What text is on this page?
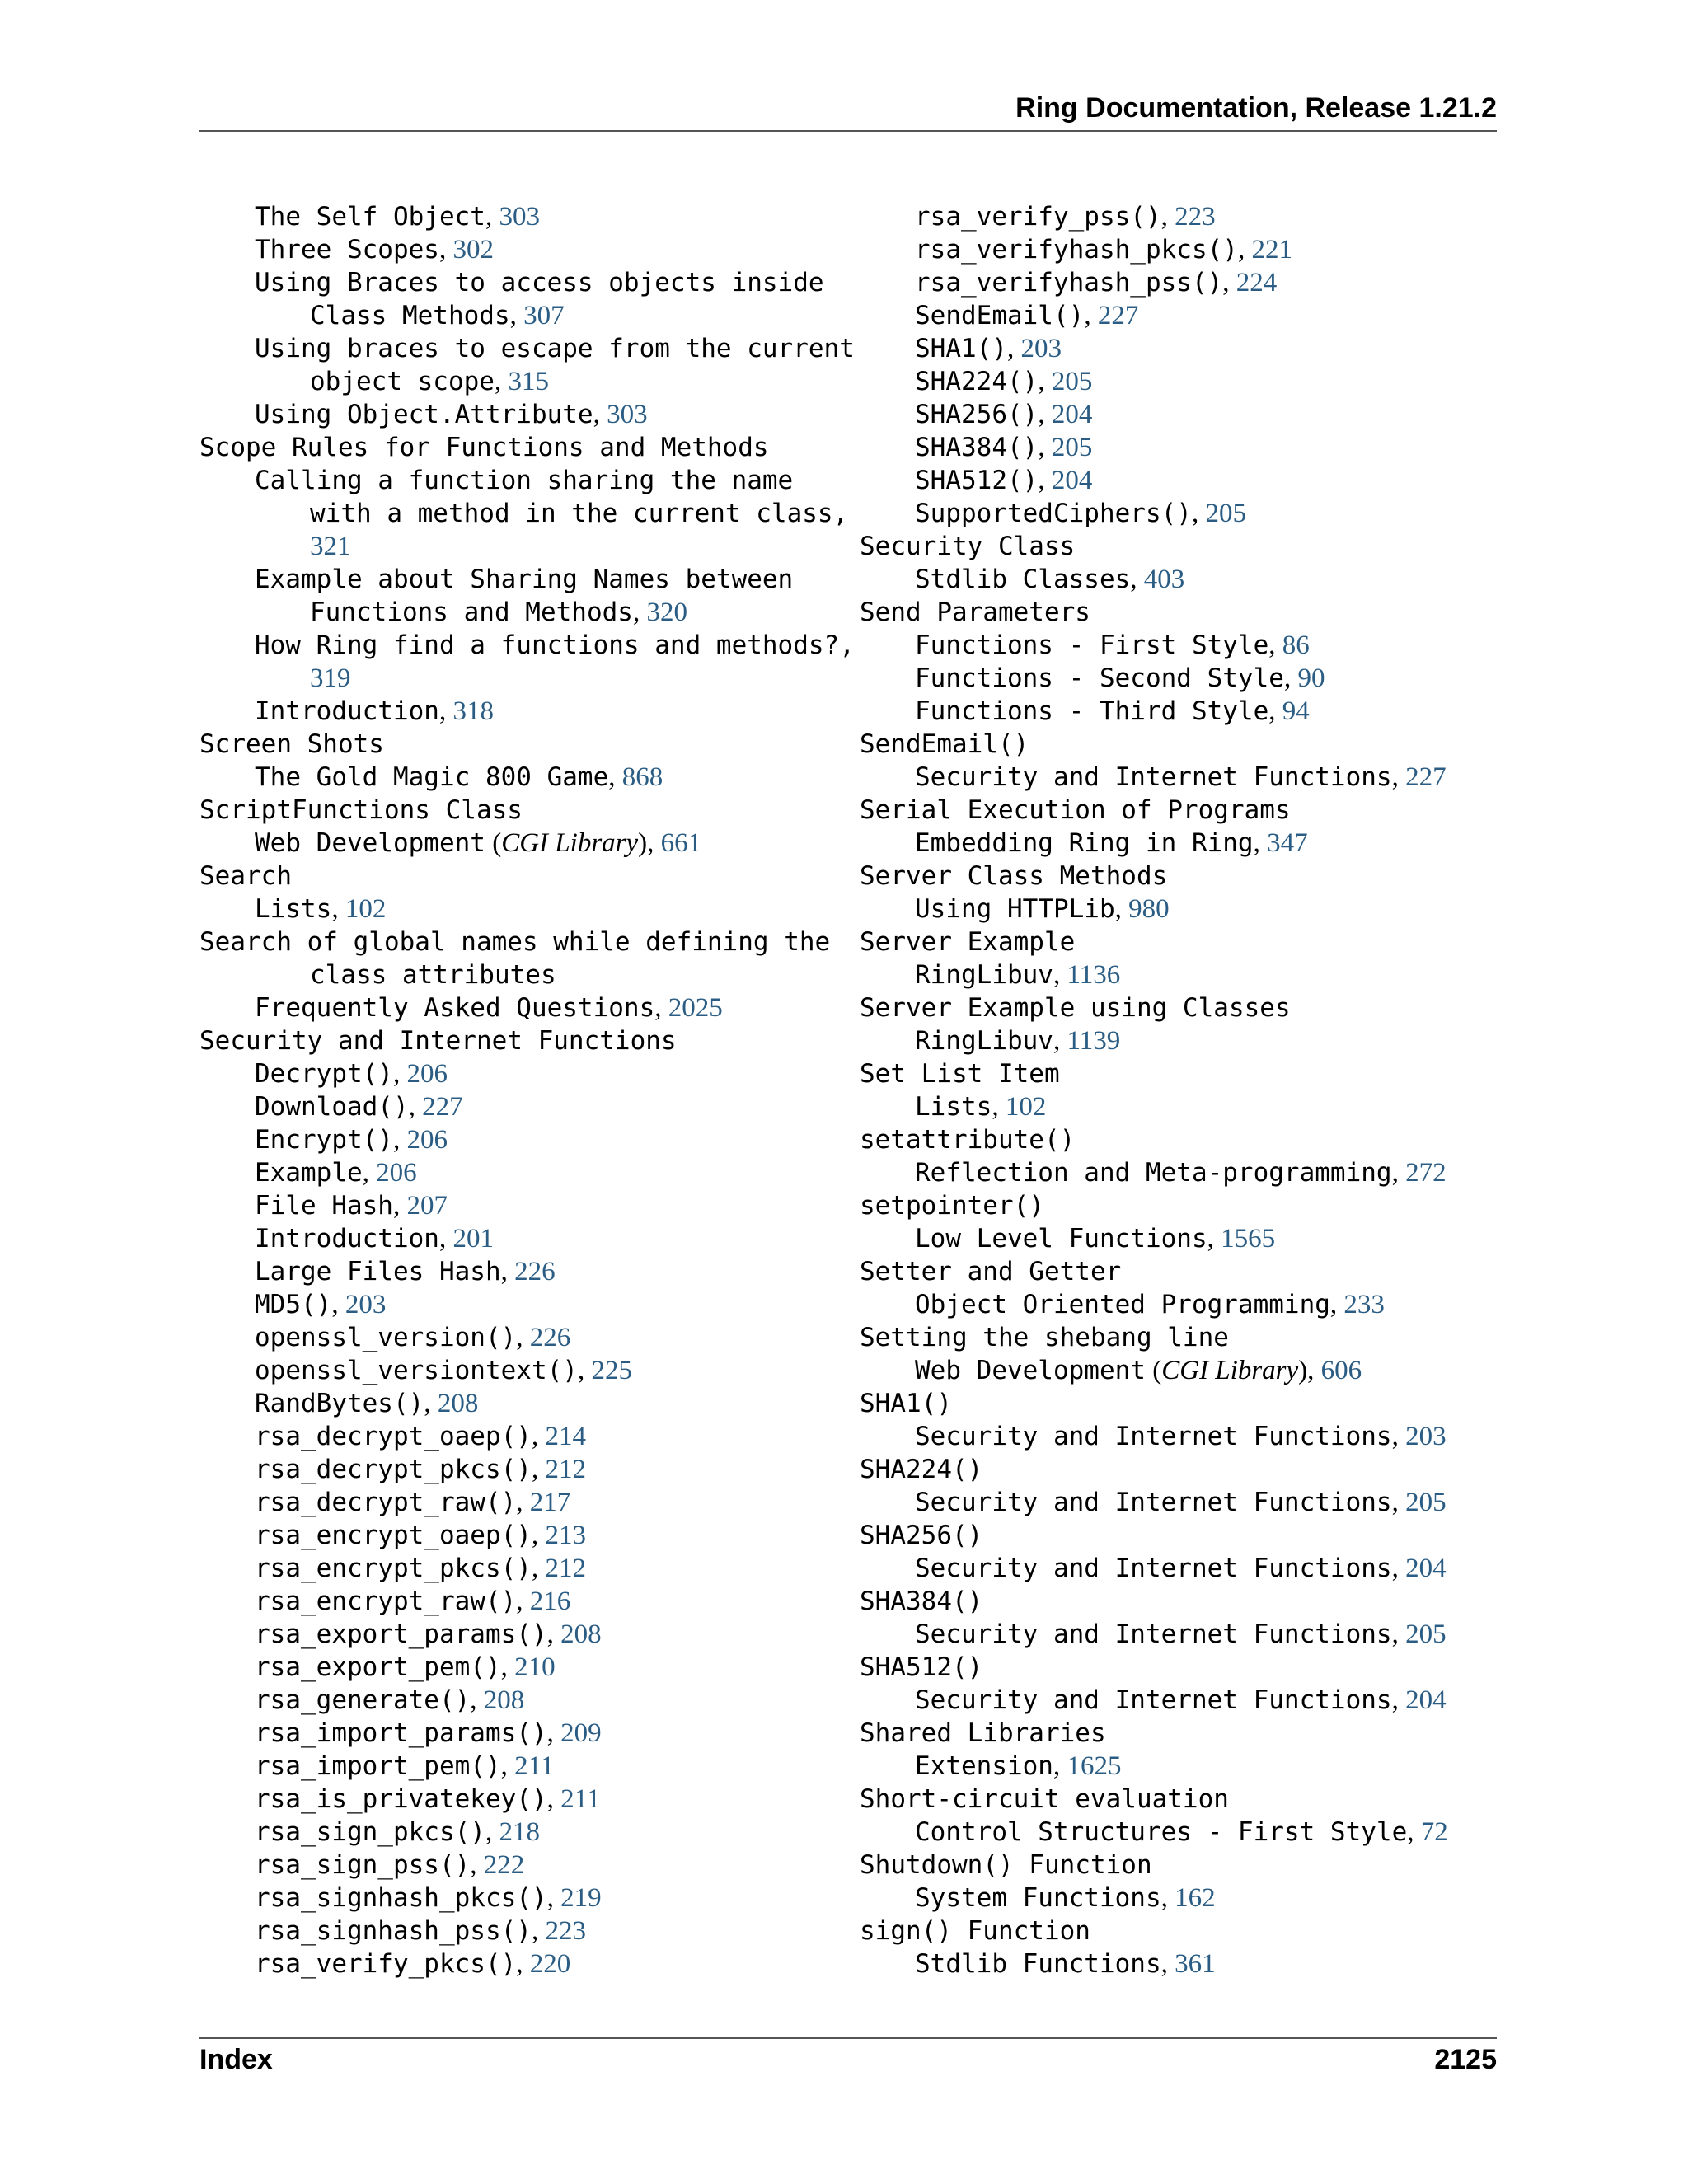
Ring Documentation, Release 1.21.2
The Self Object, 303
Three Scopes, 302
Using Braces to access objects inside
Class Methods, 307
Using braces to escape from the current
object scope, 315
Using Object.Attribute, 303
Scope Rules for Functions and Methods
Calling a function sharing the name
with a method in the current class,
321
Example about Sharing Names between
Functions and Methods, 320
How Ring find a functions and methods?,
319
Introduction, 318
Screen Shots
The Gold Magic 800 Game, 868
ScriptFunctions Class
Web Development (CGI Library), 661
Search
Lists, 102
Search of global names while defining the
class attributes
Frequently Asked Questions, 2025
Security and Internet Functions
Decrypt(), 206
Download(), 227
Encrypt(), 206
Example, 206
File Hash, 207
Introduction, 201
Large Files Hash, 226
MD5(), 203
openssl_version(), 226
openssl_versiontext(), 225
RandBytes(), 208
rsa_decrypt_oaep(), 214
rsa_decrypt_pkcs(), 212
rsa_decrypt_raw(), 217
rsa_encrypt_oaep(), 213
rsa_encrypt_pkcs(), 212
rsa_encrypt_raw(), 216
rsa_export_params(), 208
rsa_export_pem(), 210
rsa_generate(), 208
rsa_import_params(), 209
rsa_import_pem(), 211
rsa_is_privatekey(), 211
rsa_sign_pkcs(), 218
rsa_sign_pss(), 222
rsa_signhash_pkcs(), 219
rsa_signhash_pss(), 223
rsa_verify_pkcs(), 220
rsa_verify_pss(), 223
rsa_verifyhash_pkcs(), 221
rsa_verifyhash_pss(), 224
SendEmail(), 227
SHA1(), 203
SHA224(), 205
SHA256(), 204
SHA384(), 205
SHA512(), 204
SupportedCiphers(), 205
Security Class
Stdlib Classes, 403
Send Parameters
Functions - First Style, 86
Functions - Second Style, 90
Functions - Third Style, 94
SendEmail()
Security and Internet Functions, 227
Serial Execution of Programs
Embedding Ring in Ring, 347
Server Class Methods
Using HTTPLib, 980
Server Example
RingLibuv, 1136
Server Example using Classes
RingLibuv, 1139
Set List Item
Lists, 102
setattribute()
Reflection and Meta-programming, 272
setpointer()
Low Level Functions, 1565
Setter and Getter
Object Oriented Programming, 233
Setting the shebang line
Web Development (CGI Library), 606
SHA1()
Security and Internet Functions, 203
SHA224()
Security and Internet Functions, 205
SHA256()
Security and Internet Functions, 204
SHA384()
Security and Internet Functions, 205
SHA512()
Security and Internet Functions, 204
Shared Libraries
Extension, 1625
Short-circuit evaluation
Control Structures - First Style, 72
Shutdown() Function
System Functions, 162
sign() Function
Stdlib Functions, 361
Index	2125
